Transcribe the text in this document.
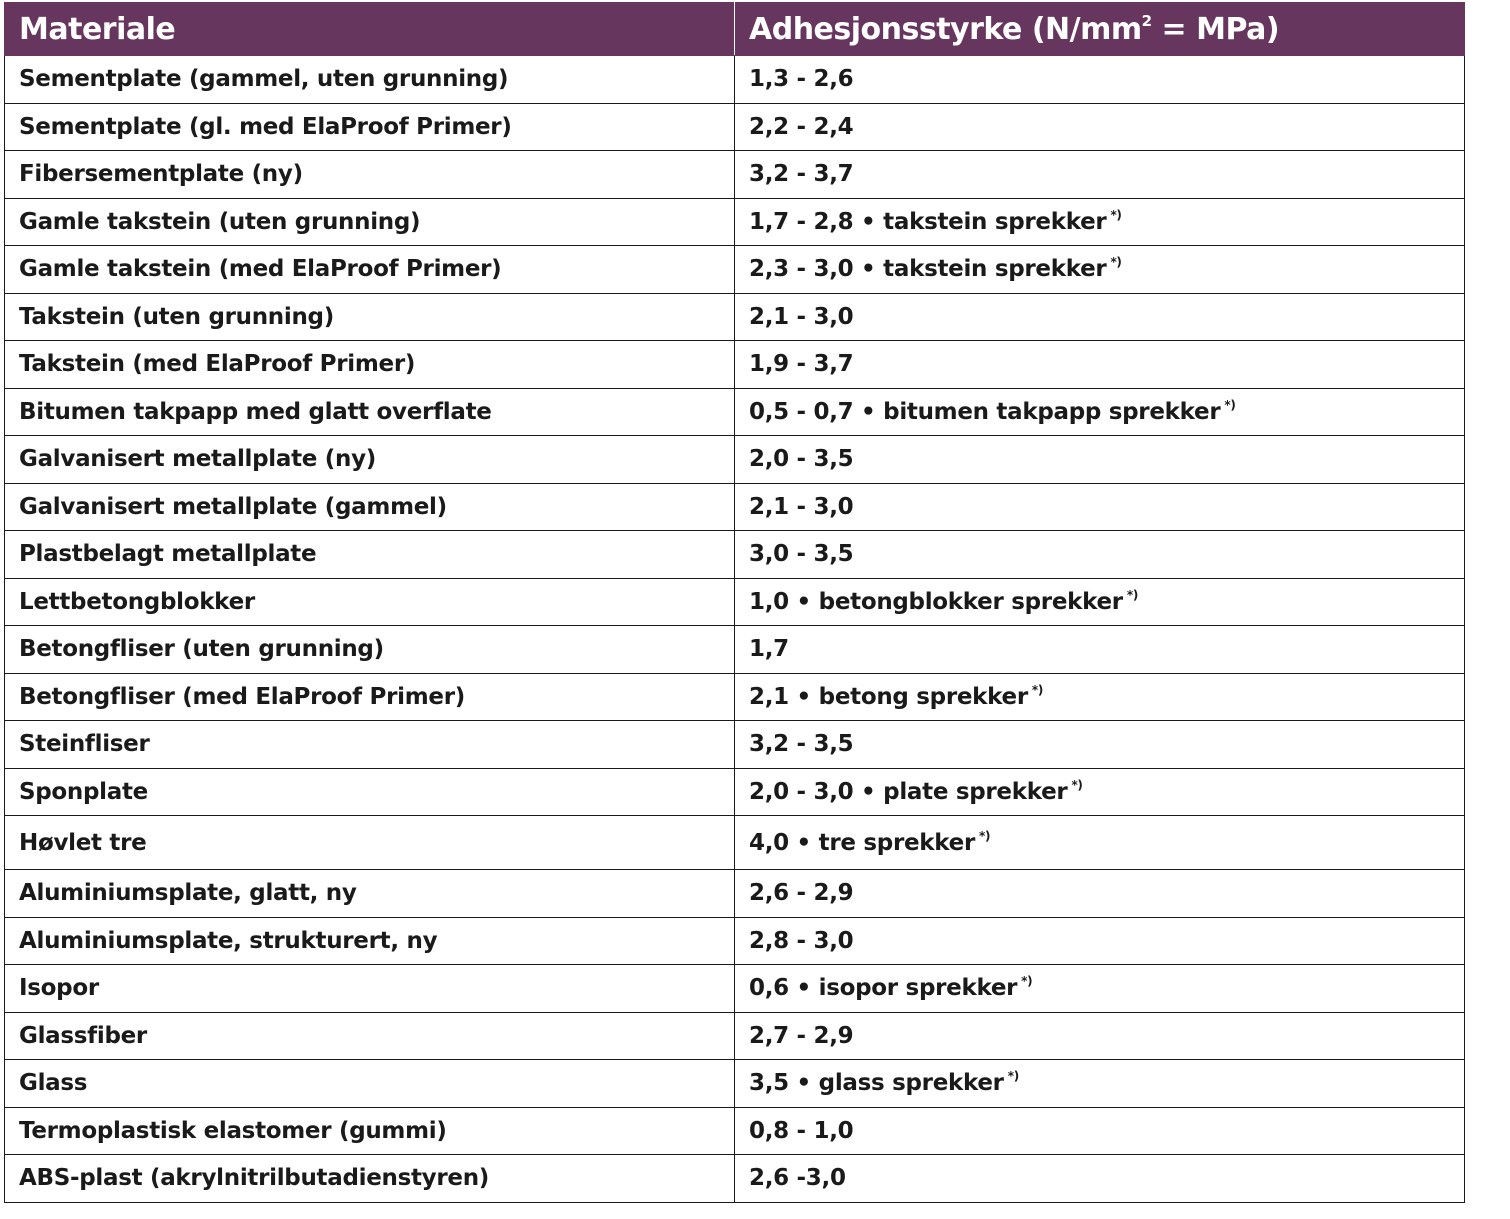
Materiale	Adhesjonsstyrke $(N/mm^2 = MPa)$
Sementplate (gammel, uten grunning)	1,3 - 2,6
Sementplate (gl. med ElaProof Primer)	2,2 - 2,4
Fibersementplate (ny)	3,2 - 3,7
Gamle takstein (uten grunning)	1,7 - 2,8 • takstein sprekker *)
Gamle takstein (med ElaProof Primer)	2,3 - 3,0 • takstein sprekker *)
Takstein (uten grunning)	2,1 - 3,0
Takstein (med ElaProof Primer)	1,9 - 3,7
Bitumen takpapp med glatt overflate	0,5 - 0,7 • bitumen takpapp sprekker *)
Galvanisert metallplate (ny)	2,0 - 3,5
Galvanisert metallplate (gammel)	2,1 - 3,0
Plastbelagt metallplate	3,0 - 3,5
Lettbetongblokker	1,0 • betongblokker sprekker *)
Betongfliser (uten grunning)	1,7
Betongfliser (med ElaProof Primer)	2,1 • betong sprekker *)
Steinfliser	3,2 - 3,5
Sponplate	2,0 - 3,0 • plate sprekker *)
Høvlet tre	4,0 • tre sprekker *)
Aluminiumsplate, glatt, ny	2,6 - 2,9
Aluminiumsplate, strukturert, ny	2,8 - 3,0
Isopor	0,6 • isopor sprekker *)
Glassfiber	2,7 - 2,9
Glass	3,5 • glass sprekker *)
Termoplastisk elastomer (gummi)	0,8 - 1,0
ABS-plast (akrylnitrilbutadienstyren)	2,6 -3,0
